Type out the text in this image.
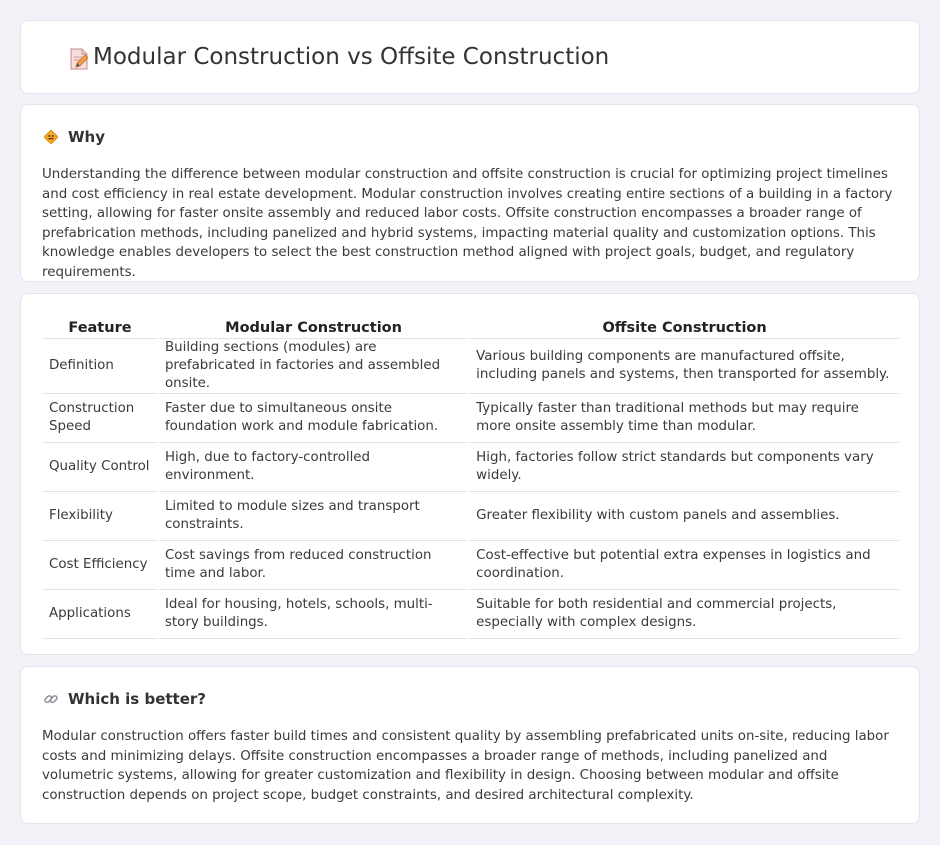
Modular Construction vs Offsite Construction
Why

Understanding the difference between modular construction and offsite construction is crucial for optimizing project timelines and cost efficiency in real estate development. Modular construction involves creating entire sections of a building in a factory setting, allowing for faster onsite assembly and reduced labor costs. Offsite construction encompasses a broader range of prefabrication methods, including panelized and hybrid systems, impacting material quality and customization options. This knowledge enables developers to select the best construction method aligned with project goals, budget, and regulatory requirements.

Feature	Modular Construction	Offsite Construction
Definition	Building sections (modules) are prefabricated in factories and assembled onsite.	Various building components are manufactured offsite, including panels and systems, then transported for assembly.
Construction Speed	Faster due to simultaneous onsite foundation work and module fabrication.	Typically faster than traditional methods but may require more onsite assembly time than modular.
Quality Control	High, due to factory-controlled environment.	High, factories follow strict standards but components vary widely.
Flexibility	Limited to module sizes and transport constraints.	Greater flexibility with custom panels and assemblies.
Cost Efficiency	Cost savings from reduced construction time and labor.	Cost-effective but potential extra expenses in logistics and coordination.
Applications	Ideal for housing, hotels, schools, multi-story buildings.	Suitable for both residential and commercial projects, especially with complex designs.
Which is better?

Modular construction offers faster build times and consistent quality by assembling prefabricated units on-site, reducing labor costs and minimizing delays. Offsite construction encompasses a broader range of methods, including panelized and volumetric systems, allowing for greater customization and flexibility in design. Choosing between modular and offsite construction depends on project scope, budget constraints, and desired architectural complexity.
